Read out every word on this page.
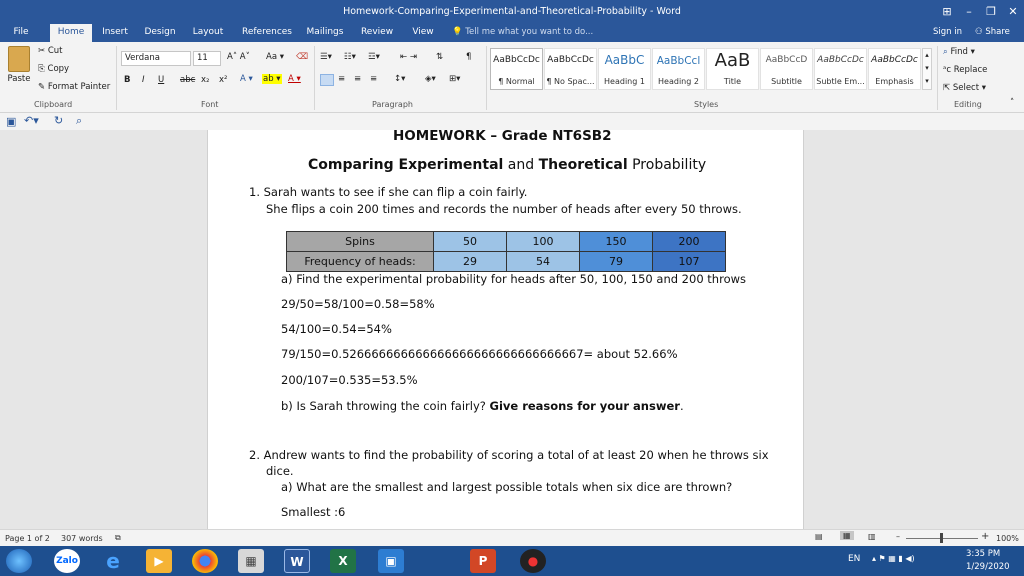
Homework-Comparing-Experimental-and-Theoretical-Probability - Word	⊞	–	❐	✕
File	Home	Insert	Design	Layout	References	Mailings	Review	View	💡 Tell me what you want to do...	Sign in ⚇ Share
Paste
✂ Cut
⎘ Copy
✎ Format Painter
Clipboard
Verdana	11	A˄ A˅ Aa ▾ ⌫
B I U abc x₂ x² A ▾ ab ▾ A ▾
Font
☰▾ ☷▾ ☲▾ ⇤ ⇥ ⇅	¶
≡ ≡ ≡ ↕▾ ◈▾ ⊞▾
Paragraph
AaBbCcDc
¶ Normal
AaBbCcDc
¶ No Spac...
AaBbC
Heading 1
AaBbCcl
Heading 2
AaB
Title
AaBbCcD
Subtitle
AaBbCcDc
Subtle Em...
AaBbCcDc
Emphasis
▴
▾
▾
Styles
⌕ Find ▾
ᵃc Replace
⇱ Select ▾
Editing	˄
▣ ↶▾ ↻ ⌕
HOMEWORK – Grade NT6SB2
Comparing Experimental and Theoretical Probability
1. Sarah wants to see if she can flip a coin fairly.
She flips a coin 200 times and records the number of heads after every 50 throws.
Spins	50	100	150	200
Frequency of heads:	29	54	79	107
a) Find the experimental probability for heads after 50, 100, 150 and 200 throws
29/50=58/100=0.58=58%
54/100=0.54=54%
79/150=0.526666666666666666666666666666667= about 52.66%
200/107=0.535=53.5%
b) Is Sarah throwing the coin fairly? Give reasons for your answer.
2. Andrew wants to find the probability of scoring a total of at least 20 when he throws six
dice.
a) What are the smallest and largest possible totals when six dice are thrown?
Smallest :6
Page 1 of 2 307 words ⧉	▤	▦	▥	–	+ 100%
Zalo	e	▶	▦	W	X	▣	P	●	EN ▴ ⚑ ▦ ▮ ◀)	3:35 PM
1/29/2020
